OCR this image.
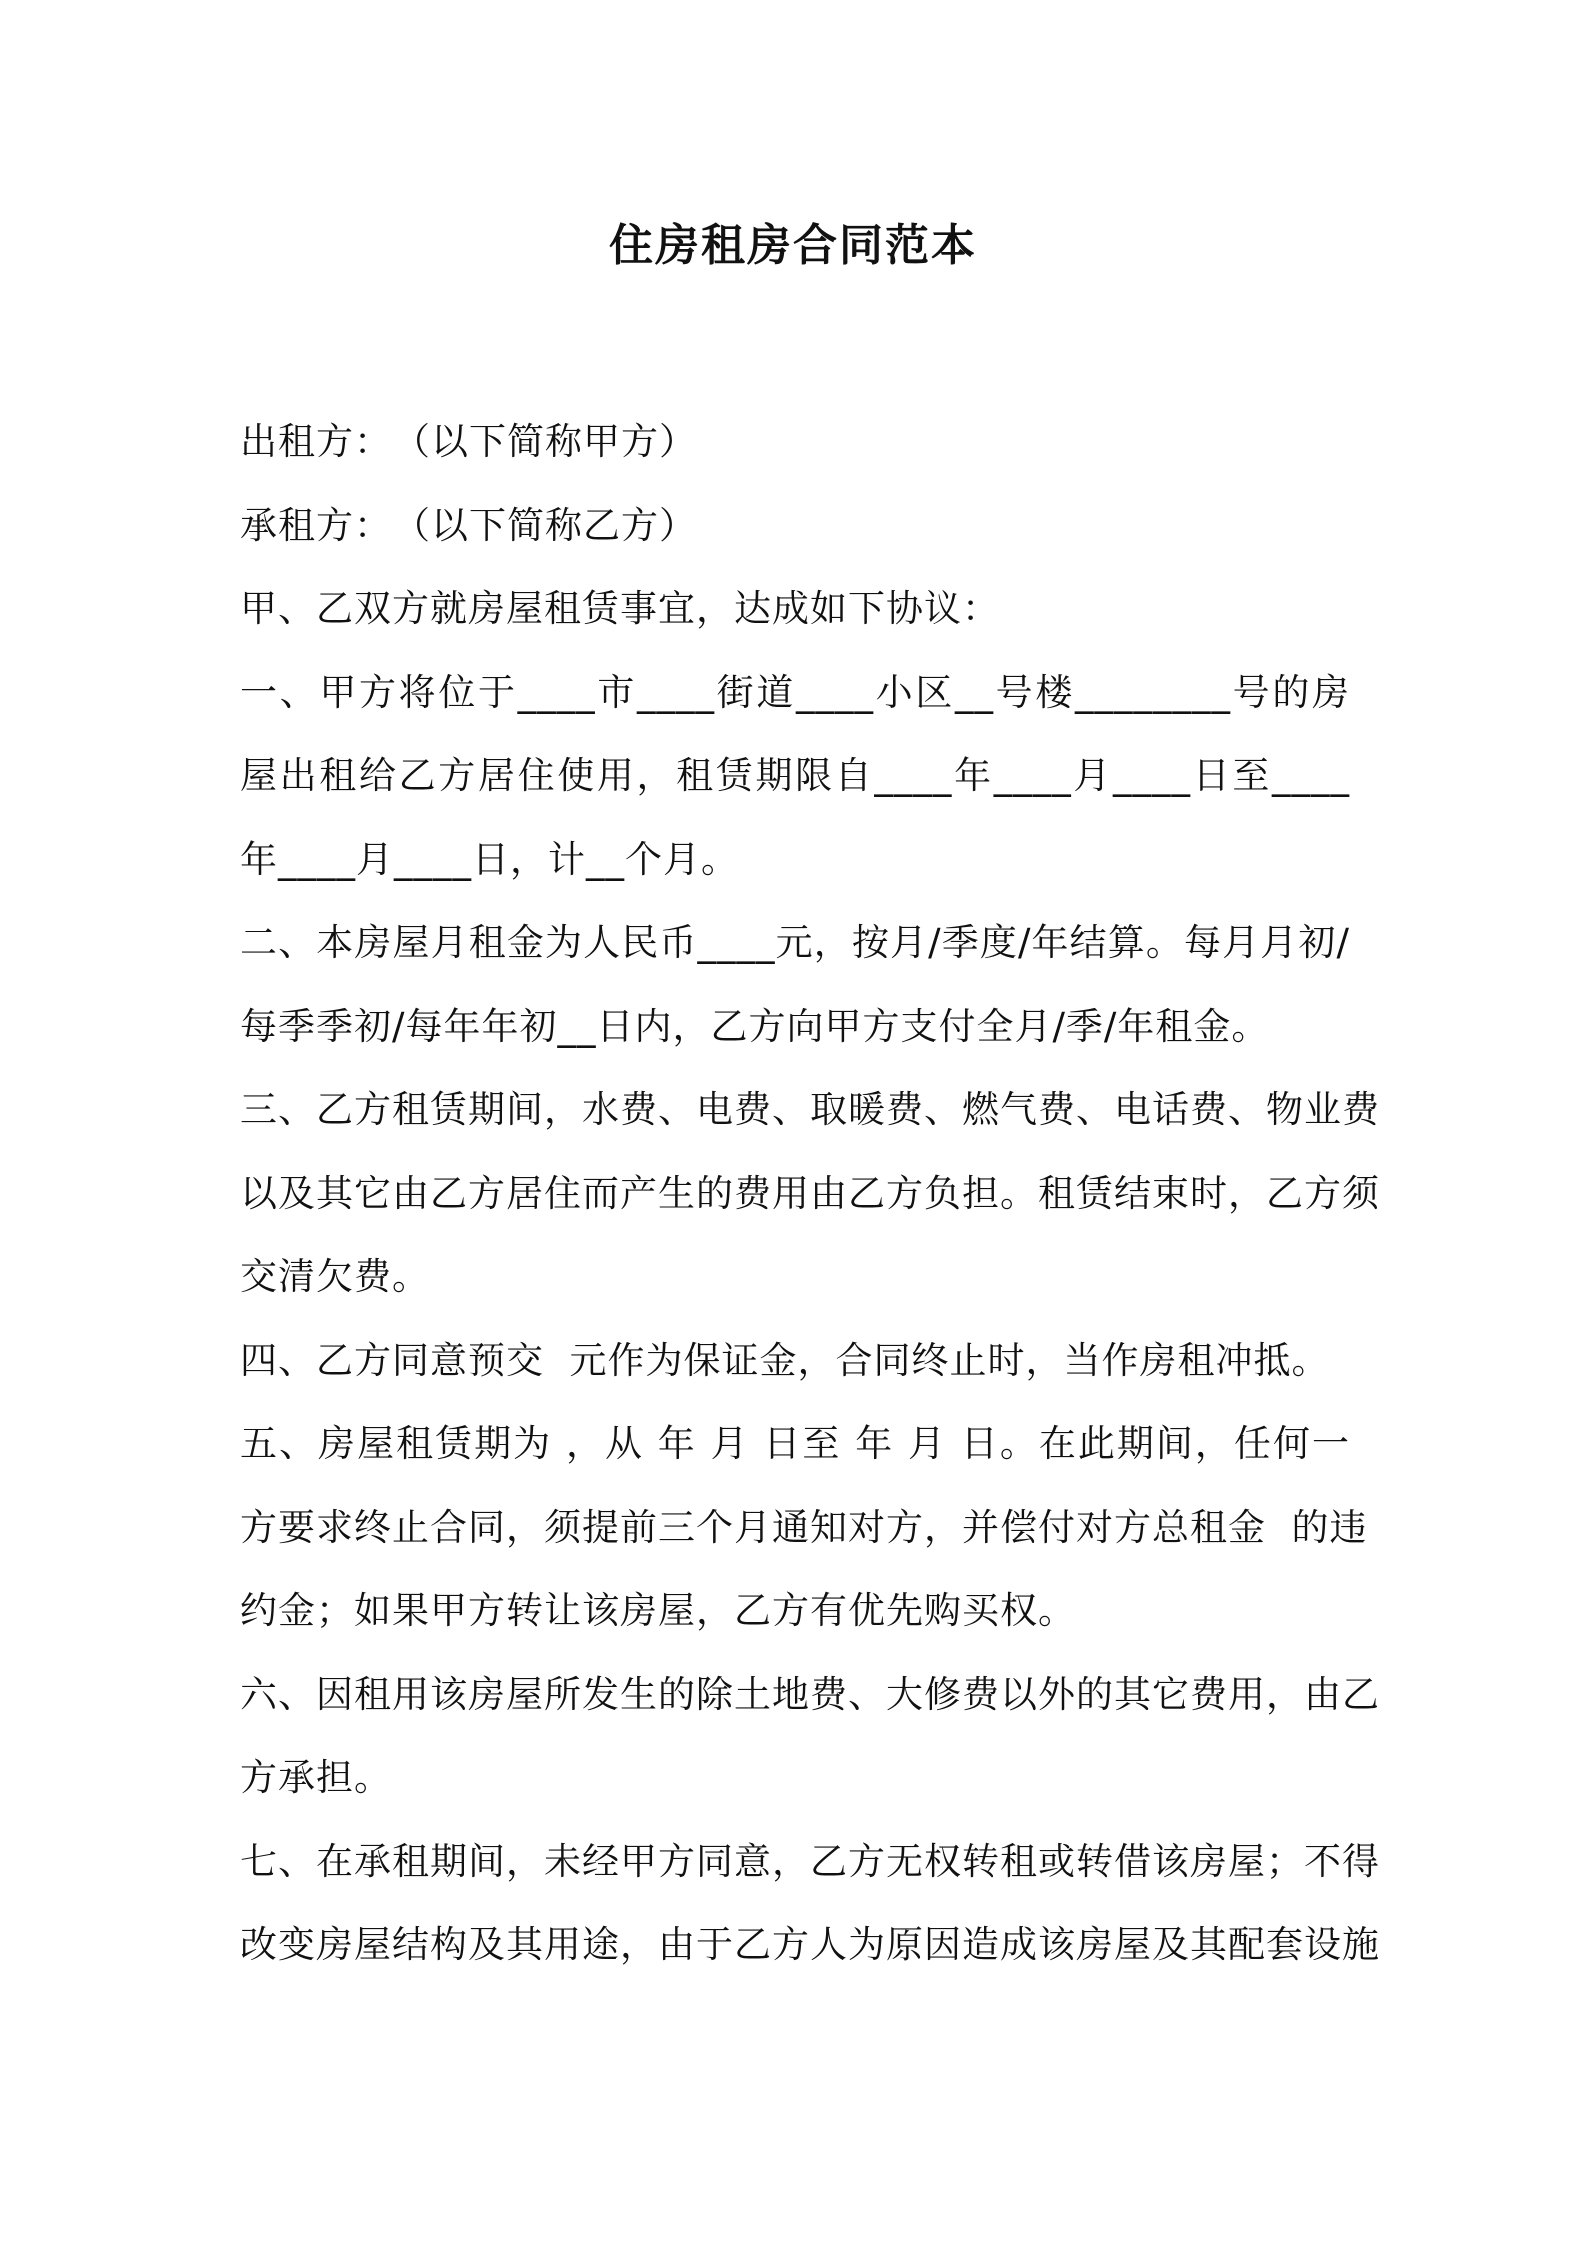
住房租房合同范本
出租方：　（以下简称甲方）
承租方：　（以下简称乙方）
甲、乙双方就房屋租赁事宜，达成如下协议：
一、甲方将位于____市____街道____小区__号楼________号的房
屋出租给乙方居住使用，租赁期限自____年____月____日至____
年____月____日，计__个月。
二、本房屋月租金为人民币____元，按月/季度/年结算。每月月初/
每季季初/每年年初__日内，乙方向甲方支付全月/季/年租金。
三、乙方租赁期间，水费、电费、取暖费、燃气费、电话费、物业费
以及其它由乙方居住而产生的费用由乙方负担。租赁结束时，乙方须
交清欠费。
四、乙方同意预交  元作为保证金，合同终止时，当作房租冲抵。
五、房屋租赁期为 ，从 年 月 日至 年 月 日。在此期间，任何一
方要求终止合同，须提前三个月通知对方，并偿付对方总租金  的违
约金；如果甲方转让该房屋，乙方有优先购买权。
六、因租用该房屋所发生的除土地费、大修费以外的其它费用，由乙
方承担。
七、在承租期间，未经甲方同意，乙方无权转租或转借该房屋；不得
改变房屋结构及其用途，由于乙方人为原因造成该房屋及其配套设施
